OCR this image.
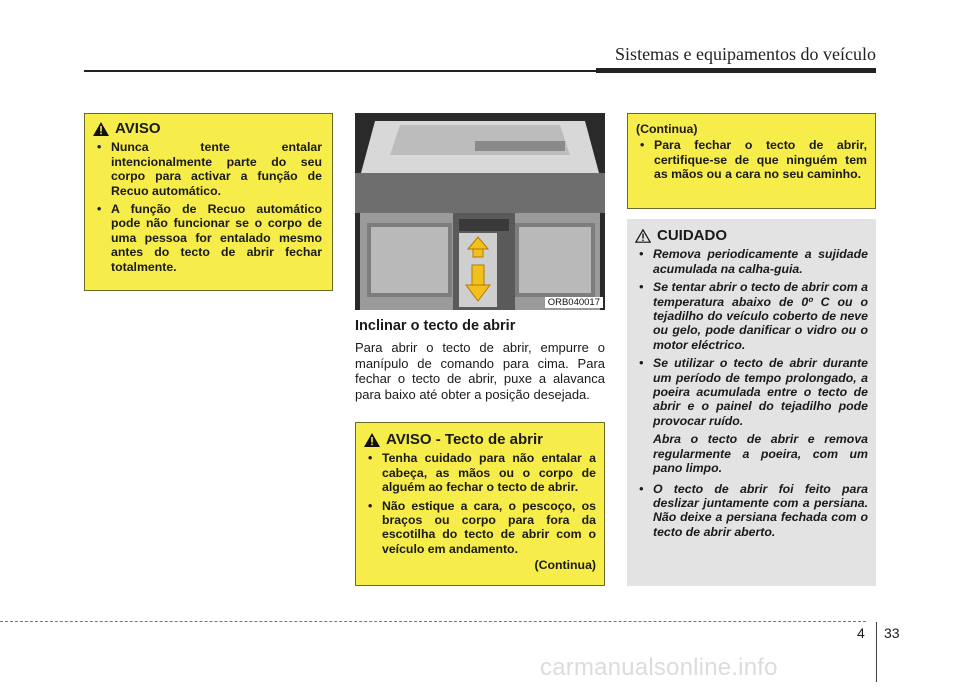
Sistemas e equipamentos do veículo
AVISO
• Nunca tente entalar intencionalmente parte do seu corpo para activar a função de Recuo automático.
• A função de Recuo automático pode não funcionar se o corpo de uma pessoa for entalado mesmo antes do tecto de abrir fechar totalmente.
ORB040017
Inclinar o tecto de abrir

Para abrir o tecto de abrir, empurre o manípulo de comando para cima. Para fechar o tecto de abrir, puxe a alavanca para baixo até obter a posição desejada.

AVISO - Tecto de abrir
• Tenha cuidado para não entalar a cabeça, as mãos ou o corpo de alguém ao fechar o tecto de abrir.
• Não estique a cara, o pescoço, os braços ou corpo para fora da escotilha do tecto de abrir com o veículo em andamento.
(Continua)
(Continua)
• Para fechar o tecto de abrir, certifique-se de que ninguém tem as mãos ou a cara no seu caminho.
CUIDADO
• Remova periodicamente a sujidade acumulada na calha-guia.
• Se tentar abrir o tecto de abrir com a temperatura abaixo de 0º C ou o tejadilho do veículo coberto de neve ou gelo, pode danificar o vidro ou o motor eléctrico.
• Se utilizar o tecto de abrir durante um período de tempo prolongado, a poeira acumulada entre o tecto de abrir e o painel do tejadilho pode provocar ruído.

Abra o tecto de abrir e remova regularmente a poeira, com um pano limpo.

• O tecto de abrir foi feito para deslizar juntamente com a persiana. Não deixe a persiana fechada com o tecto de abrir aberto.
4 33
carmanualsonline.info
